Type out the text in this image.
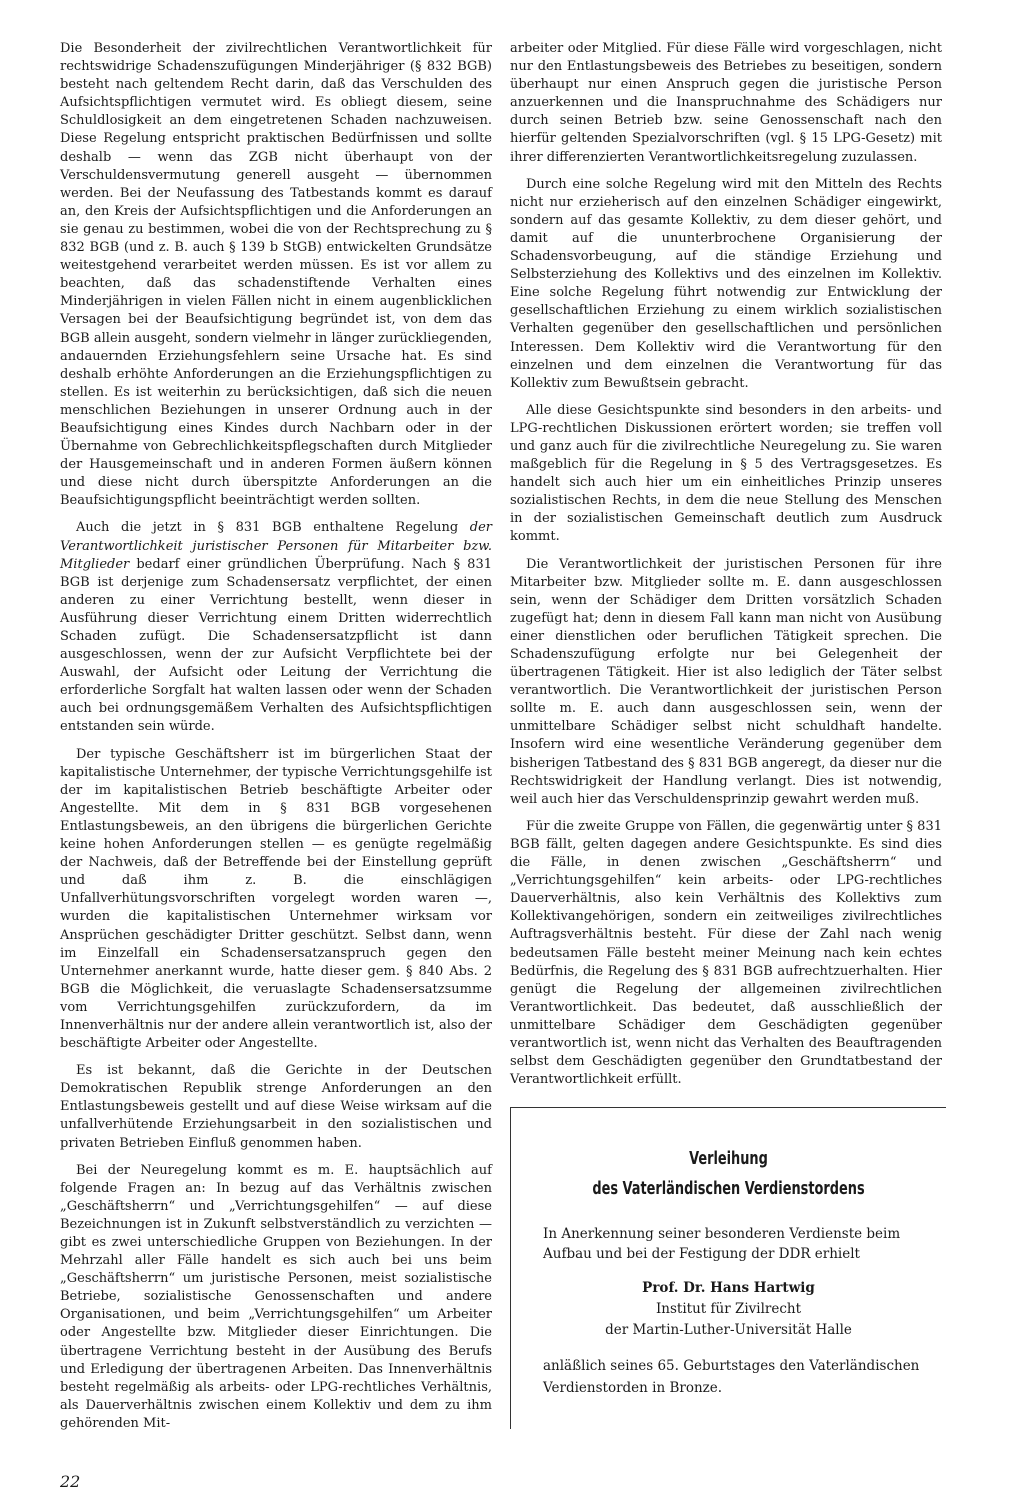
Die Besonderheit der zivilrechtlichen Verantwortlichkeit für rechtswidrige Schadenszufügungen Minderjähriger (§ 832 BGB) besteht nach geltendem Recht darin, daß das Verschulden des Aufsichtspflichtigen vermutet wird. Es obliegt diesem, seine Schuldlosigkeit an dem eingetretenen Schaden nachzuweisen. Diese Regelung entspricht praktischen Bedürfnissen und sollte deshalb — wenn das ZGB nicht überhaupt von der Verschuldensvermutung generell ausgeht — übernommen werden. Bei der Neufassung des Tatbestands kommt es darauf an, den Kreis der Aufsichtspflichtigen und die Anforderungen an sie genau zu bestimmen, wobei die von der Rechtsprechung zu § 832 BGB (und z. B. auch § 139 b StGB) entwickelten Grundsätze weitestgehend verarbeitet werden müssen. Es ist vor allem zu beachten, daß das schadenstiftende Verhalten eines Minderjährigen in vielen Fällen nicht in einem augenblicklichen Versagen bei der Beaufsichtigung begründet ist, von dem das BGB allein ausgeht, sondern vielmehr in länger zurückliegenden, andauernden Erziehungsfehlern seine Ursache hat. Es sind deshalb erhöhte Anforderungen an die Erziehungspflichtigen zu stellen. Es ist weiterhin zu berücksichtigen, daß sich die neuen menschlichen Beziehungen in unserer Ordnung auch in der Beaufsichtigung eines Kindes durch Nachbarn oder in der Übernahme von Gebrechlichkeitspflegschaften durch Mitglieder der Hausgemeinschaft und in anderen Formen äußern können und diese nicht durch überspitzte Anforderungen an die Beaufsichtigungspflicht beeinträchtigt werden sollten.

Auch die jetzt in § 831 BGB enthaltene Regelung der Verantwortlichkeit juristischer Personen für Mitarbeiter bzw. Mitglieder bedarf einer gründlichen Überprüfung. Nach § 831 BGB ist derjenige zum Schadensersatz verpflichtet, der einen anderen zu einer Verrichtung bestellt, wenn dieser in Ausführung dieser Verrichtung einem Dritten widerrechtlich Schaden zufügt. Die Schadensersatzpflicht ist dann ausgeschlossen, wenn der zur Aufsicht Verpflichtete bei der Auswahl, der Aufsicht oder Leitung der Verrichtung die erforderliche Sorgfalt hat walten lassen oder wenn der Schaden auch bei ordnungsgemäßem Verhalten des Aufsichtspflichtigen entstanden sein würde.

Der typische Geschäftsherr ist im bürgerlichen Staat der kapitalistische Unternehmer, der typische Verrichtungsgehilfe ist der im kapitalistischen Betrieb beschäftigte Arbeiter oder Angestellte. Mit dem in § 831 BGB vorgesehenen Entlastungsbeweis, an den übrigens die bürgerlichen Gerichte keine hohen Anforderungen stellen — es genügte regelmäßig der Nachweis, daß der Betreffende bei der Einstellung geprüft und daß ihm z. B. die einschlägigen Unfallverhütungsvorschriften vorgelegt worden waren —, wurden die kapitalistischen Unternehmer wirksam vor Ansprüchen geschädigter Dritter geschützt. Selbst dann, wenn im Einzelfall ein Schadensersatzanspruch gegen den Unternehmer anerkannt wurde, hatte dieser gem. § 840 Abs. 2 BGB die Möglichkeit, die veruaslagte Schadensersatzsumme vom Verrichtungsgehilfen zurückzufordern, da im Innenverhältnis nur der andere allein verantwortlich ist, also der beschäftigte Arbeiter oder Angestellte.

Es ist bekannt, daß die Gerichte in der Deutschen Demokratischen Republik strenge Anforderungen an den Entlastungsbeweis gestellt und auf diese Weise wirksam auf die unfallverhütende Erziehungsarbeit in den sozialistischen und privaten Betrieben Einfluß genommen haben.

Bei der Neuregelung kommt es m. E. hauptsächlich auf folgende Fragen an: In bezug auf das Verhältnis zwischen „Geschäftsherrn“ und „Verrichtungsgehilfen“ — auf diese Bezeichnungen ist in Zukunft selbstverständlich zu verzichten — gibt es zwei unterschiedliche Gruppen von Beziehungen. In der Mehrzahl aller Fälle handelt es sich auch bei uns beim „Geschäftsherrn“ um juristische Personen, meist sozialistische Betriebe, sozialistische Genossenschaften und andere Organisationen, und beim „Verrichtungsgehilfen“ um Arbeiter oder Angestellte bzw. Mitglieder dieser Einrichtungen. Die übertragene Verrichtung besteht in der Ausübung des Berufs und Erledigung der übertragenen Arbeiten. Das Innenverhältnis besteht regelmäßig als arbeits- oder LPG-rechtliches Verhältnis, als Dauerverhältnis zwischen einem Kollektiv und dem zu ihm gehörenden Mit-

arbeiter oder Mitglied. Für diese Fälle wird vorgeschlagen, nicht nur den Entlastungsbeweis des Betriebes zu beseitigen, sondern überhaupt nur einen Anspruch gegen die juristische Person anzuerkennen und die Inanspruchnahme des Schädigers nur durch seinen Betrieb bzw. seine Genossenschaft nach den hierfür geltenden Spezialvorschriften (vgl. § 15 LPG-Gesetz) mit ihrer differenzierten Verantwortlichkeitsregelung zuzulassen.

Durch eine solche Regelung wird mit den Mitteln des Rechts nicht nur erzieherisch auf den einzelnen Schädiger eingewirkt, sondern auf das gesamte Kollektiv, zu dem dieser gehört, und damit auf die ununterbrochene Organisierung der Schadensvorbeugung, auf die ständige Erziehung und Selbsterziehung des Kollektivs und des einzelnen im Kollektiv. Eine solche Regelung führt notwendig zur Entwicklung der gesellschaftlichen Erziehung zu einem wirklich sozialistischen Verhalten gegenüber den gesellschaftlichen und persönlichen Interessen. Dem Kollektiv wird die Verantwortung für den einzelnen und dem einzelnen die Verantwortung für das Kollektiv zum Bewußtsein gebracht.

Alle diese Gesichtspunkte sind besonders in den arbeits- und LPG-rechtlichen Diskussionen erörtert worden; sie treffen voll und ganz auch für die zivilrechtliche Neuregelung zu. Sie waren maßgeblich für die Regelung in § 5 des Vertragsgesetzes. Es handelt sich auch hier um ein einheitliches Prinzip unseres sozialistischen Rechts, in dem die neue Stellung des Menschen in der sozialistischen Gemeinschaft deutlich zum Ausdruck kommt.

Die Verantwortlichkeit der juristischen Personen für ihre Mitarbeiter bzw. Mitglieder sollte m. E. dann ausgeschlossen sein, wenn der Schädiger dem Dritten vorsätzlich Schaden zugefügt hat; denn in diesem Fall kann man nicht von Ausübung einer dienstlichen oder beruflichen Tätigkeit sprechen. Die Schadenszufügung erfolgte nur bei Gelegenheit der übertragenen Tätigkeit. Hier ist also lediglich der Täter selbst verantwortlich. Die Verantwortlichkeit der juristischen Person sollte m. E. auch dann ausgeschlossen sein, wenn der unmittelbare Schädiger selbst nicht schuldhaft handelte. Insofern wird eine wesentliche Veränderung gegenüber dem bisherigen Tatbestand des § 831 BGB angeregt, da dieser nur die Rechtswidrigkeit der Handlung verlangt. Dies ist notwendig, weil auch hier das Verschuldensprinzip gewahrt werden muß.

Für die zweite Gruppe von Fällen, die gegenwärtig unter § 831 BGB fällt, gelten dagegen andere Gesichtspunkte. Es sind dies die Fälle, in denen zwischen „Geschäftsherrn“ und „Verrichtungsgehilfen“ kein arbeits- oder LPG-rechtliches Dauerverhältnis, also kein Verhältnis des Kollektivs zum Kollektivangehörigen, sondern ein zeitweiliges zivilrechtliches Auftragsverhältnis besteht. Für diese der Zahl nach wenig bedeutsamen Fälle besteht meiner Meinung nach kein echtes Bedürfnis, die Regelung des § 831 BGB aufrechtzuerhalten. Hier genügt die Regelung der allgemeinen zivilrechtlichen Verantwortlichkeit. Das bedeutet, daß ausschließlich der unmittelbare Schädiger dem Geschädigten gegenüber verantwortlich ist, wenn nicht das Verhalten des Beauftragenden selbst dem Geschädigten gegenüber den Grundtatbestand der Verantwortlichkeit erfüllt.

Verleihung
des Vaterländischen Verdienstordens

In Anerkennung seiner besonderen Verdienste beim Aufbau und bei der Festigung der DDR erhielt

Prof. Dr. Hans Hartwig
Institut für Zivilrecht
der Martin-Luther-Universität Halle

anläßlich seines 65. Geburtstages den Vaterländischen Verdienstorden in Bronze.

22
